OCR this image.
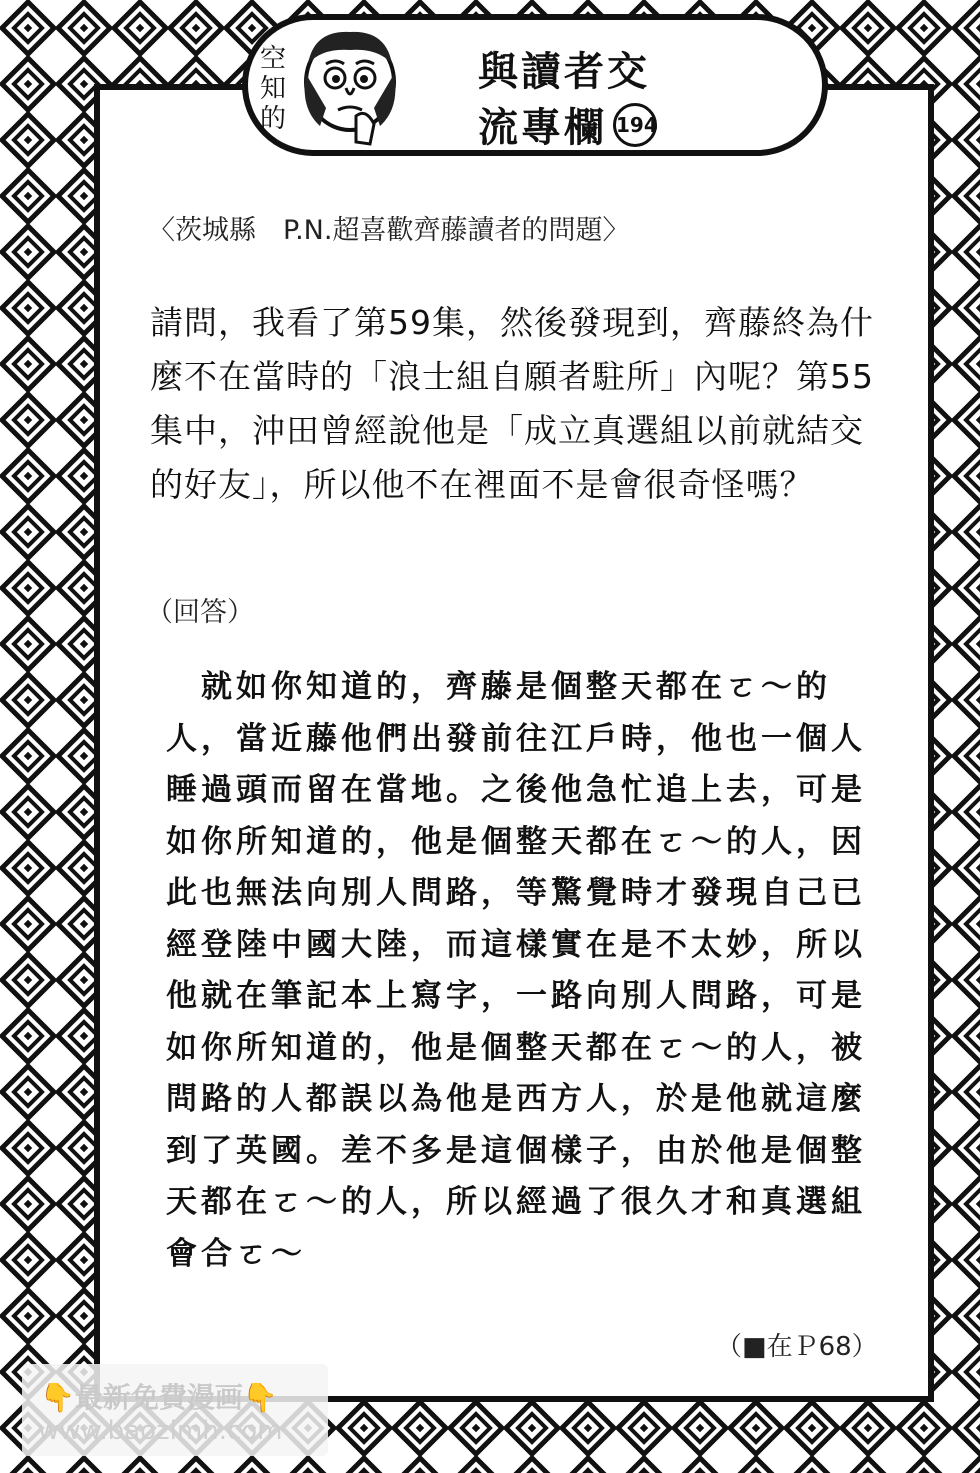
空知的
與讀者交
流專欄 194
〈茨城縣　P.N.超喜歡齊藤讀者的問題〉
請問，我看了第59集，然後發現到，齊藤終為什麼不在當時的「浪士組自願者駐所」內呢？第55集中，沖田曾經說他是「成立真選組以前就結交的好友」，所以他不在裡面不是會很奇怪嗎？
（回答）
　就如你知道的，齊藤是個整天都在ㄛ～的人，當近藤他們出發前往江戶時，他也一個人睡過頭而留在當地。之後他急忙追上去，可是如你所知道的，他是個整天都在ㄛ～的人，因此也無法向別人問路，等驚覺時才發現自己已經登陸中國大陸，而這樣實在是不太妙，所以他就在筆記本上寫字，一路向別人問路，可是如你所知道的，他是個整天都在ㄛ～的人，被問路的人都誤以為他是西方人，於是他就這麼到了英國。差不多是這個樣子，由於他是個整天都在ㄛ～的人，所以經過了很久才和真選組會合ㄛ～
（■在Ｐ68）
👇最新免費漫画👇
www.baozimh.com
